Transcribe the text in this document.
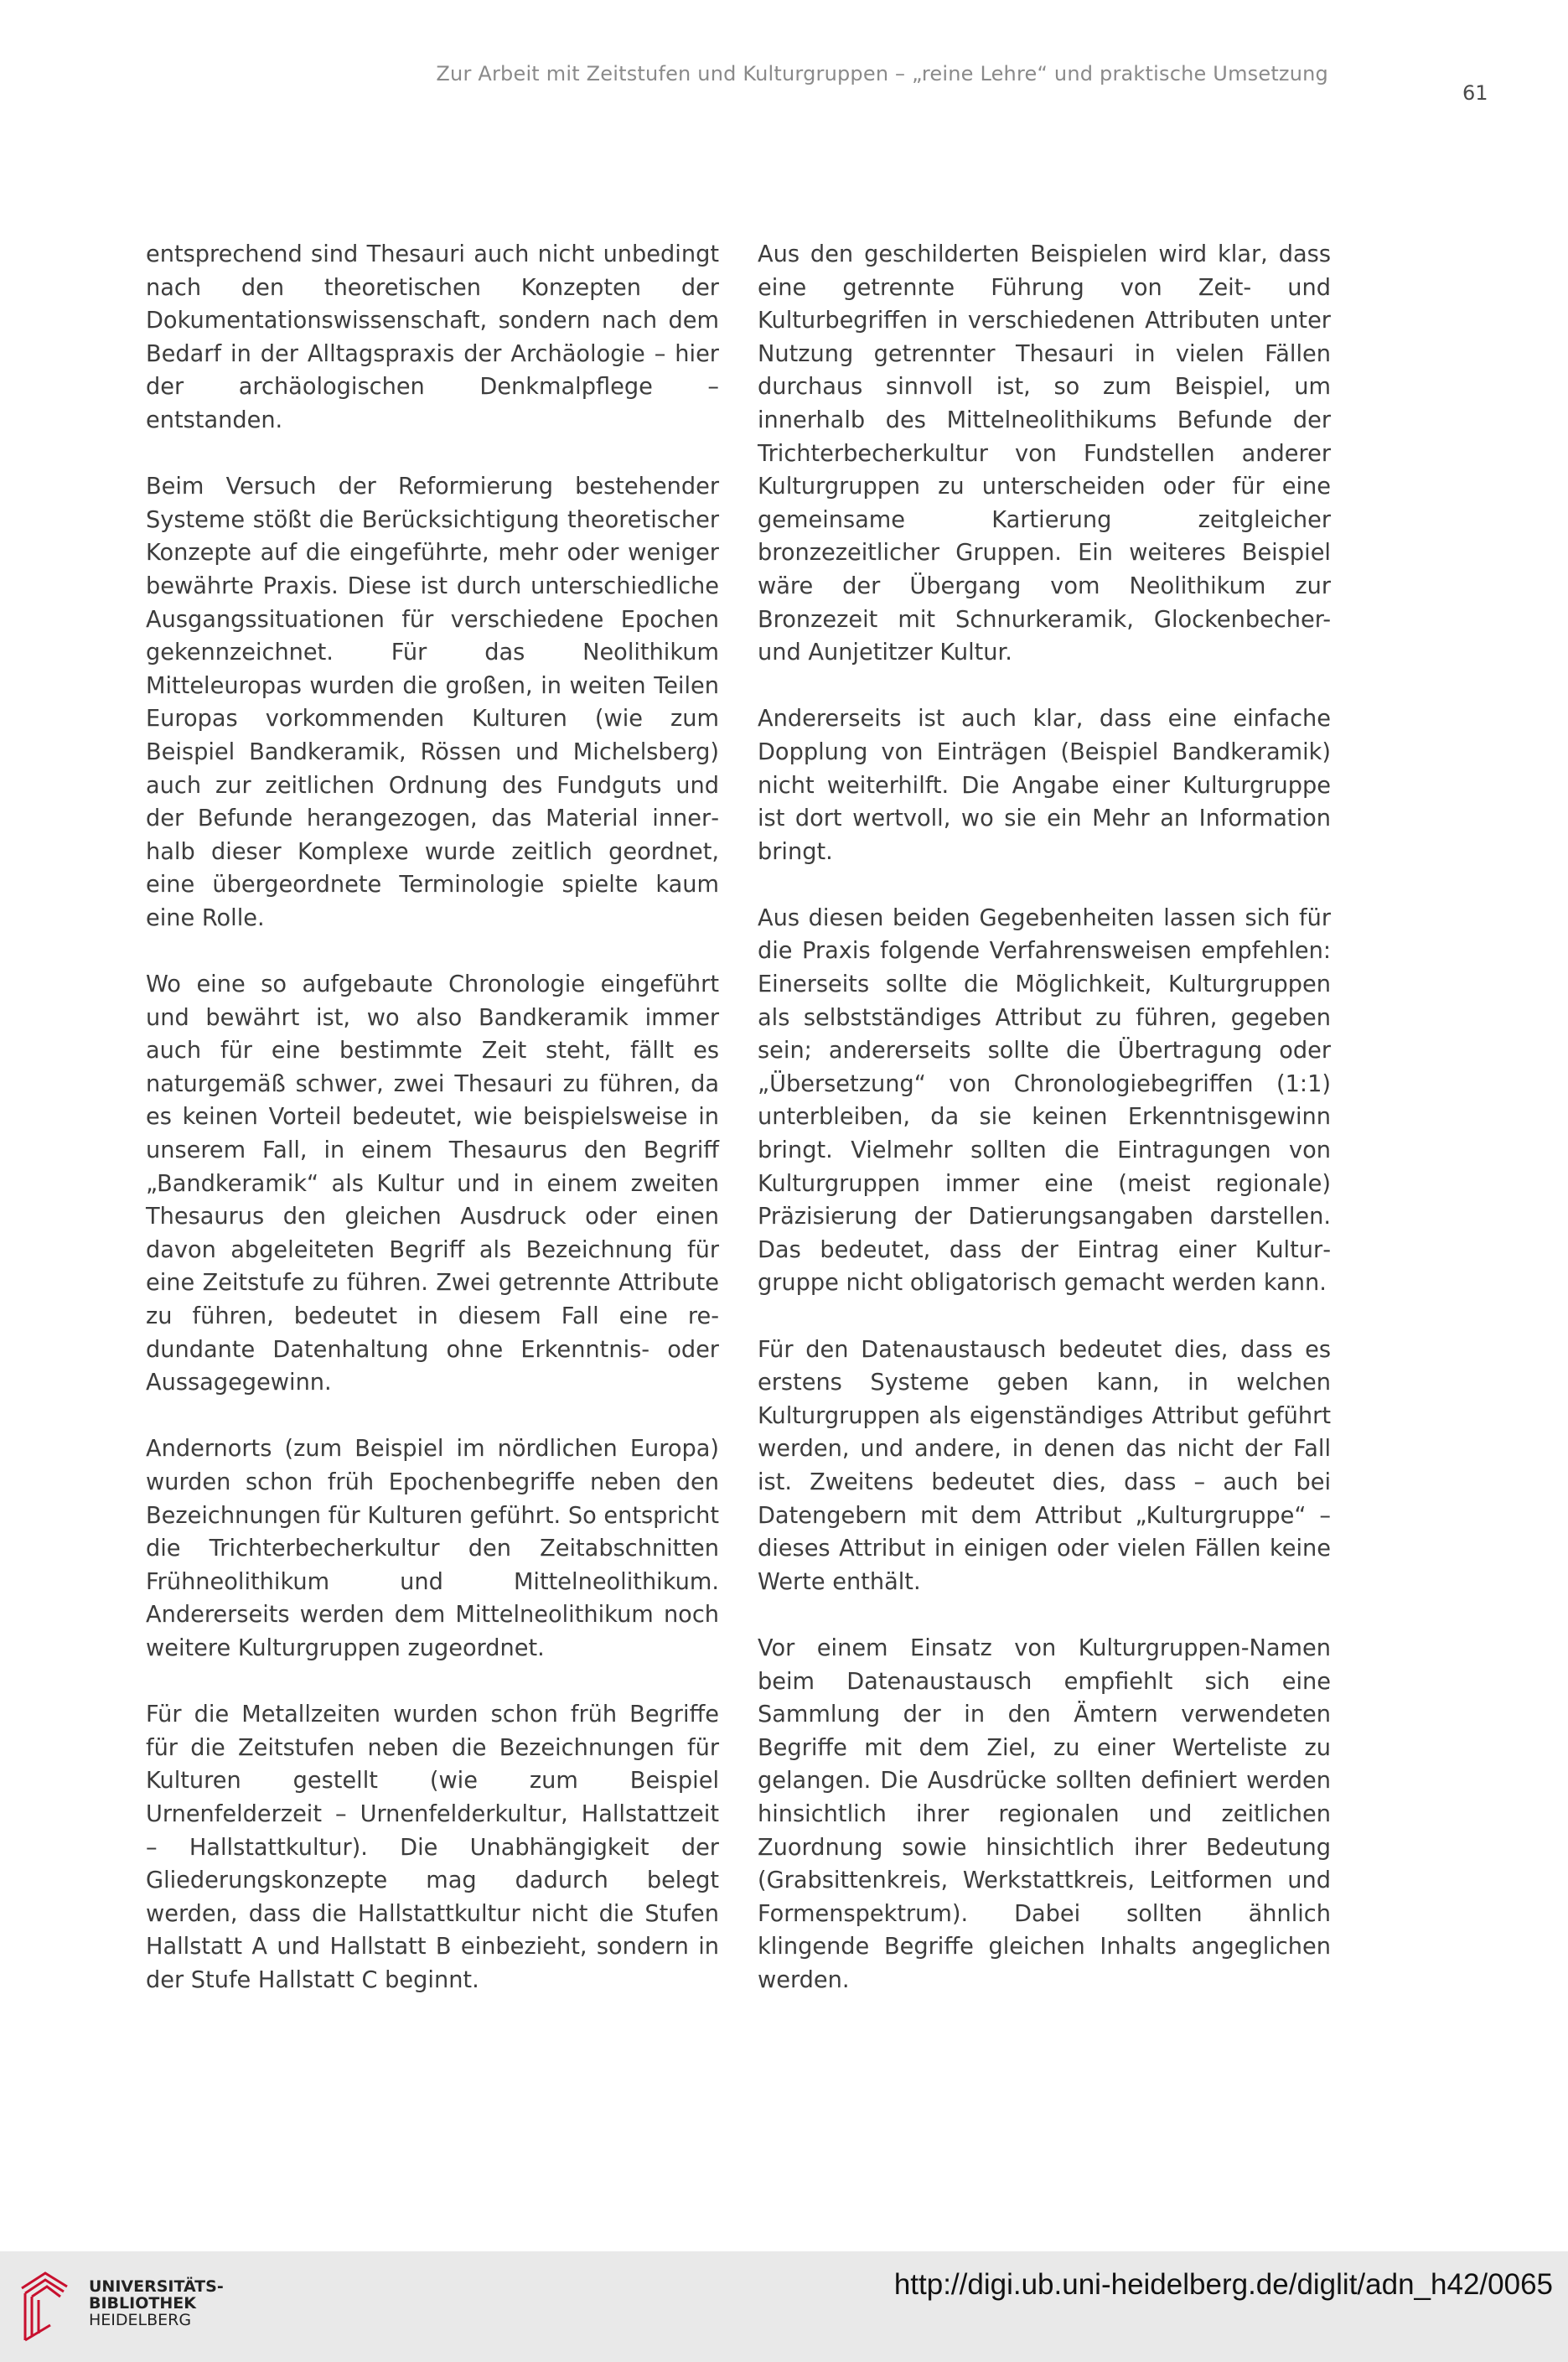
Zur Arbeit mit Zeitstufen und Kulturgruppen – „reine Lehre“ und praktische Umsetzung
61

entsprechend sind Thesauri auch nicht unbedingt nach den theoretischen Konzepten der Dokumentationswissenschaft, sondern nach dem Bedarf in der Alltagspraxis der Archäologie – hier der archäologischen Denkmalpflege – entstanden.

Beim Versuch der Reformierung bestehender Systeme stößt die Berücksichtigung theoretischer Konzepte auf die eingeführte, mehr oder weniger bewährte Praxis. Diese ist durch unterschiedliche Ausgangssituationen für verschiedene Epochen gekennzeichnet. Für das Neolithikum Mitteleuropas wurden die großen, in weiten Teilen Europas vorkommenden Kulturen (wie zum Beispiel Bandkeramik, Rössen und Michelsberg) auch zur zeitlichen Ordnung des Fundguts und der Befunde herangezogen, das Material innerhalb dieser Komplexe wurde zeitlich geordnet, eine übergeordnete Terminologie spielte kaum eine Rolle.

Wo eine so aufgebaute Chronologie eingeführt und bewährt ist, wo also Bandkeramik immer auch für eine bestimmte Zeit steht, fällt es naturgemäß schwer, zwei Thesauri zu führen, da es keinen Vorteil bedeutet, wie beispielsweise in unserem Fall, in einem Thesaurus den Begriff „Bandkeramik“ als Kultur und in einem zweiten Thesaurus den gleichen Ausdruck oder einen davon abgeleiteten Begriff als Bezeichnung für eine Zeitstufe zu führen. Zwei getrennte Attribute zu führen, bedeutet in diesem Fall eine redundante Datenhaltung ohne Erkenntnis- oder Aussagegewinn.

Andernorts (zum Beispiel im nördlichen Europa) wurden schon früh Epochenbegriffe neben den Bezeichnungen für Kulturen geführt. So entspricht die Trichterbecherkultur den Zeitabschnitten Frühneolithikum und Mittelneolithikum. Andererseits werden dem Mittelneolithikum noch weitere Kulturgruppen zugeordnet.

Für die Metallzeiten wurden schon früh Begriffe für die Zeitstufen neben die Bezeichnungen für Kulturen gestellt (wie zum Beispiel Urnenfelderzeit – Urnenfelderkultur, Hallstattzeit – Hallstattkultur). Die Unabhängigkeit der Gliederungskonzepte mag dadurch belegt werden, dass die Hallstattkultur nicht die Stufen Hallstatt A und Hallstatt B einbezieht, sondern in der Stufe Hallstatt C beginnt.

Aus den geschilderten Beispielen wird klar, dass eine getrennte Führung von Zeit- und Kulturbegriffen in verschiedenen Attributen unter Nutzung getrennter Thesauri in vielen Fällen durchaus sinnvoll ist, so zum Beispiel, um innerhalb des Mittelneolithikums Befunde der Trichterbecherkultur von Fundstellen anderer Kulturgruppen zu unterscheiden oder für eine gemeinsame Kartierung zeitgleicher bronzezeitlicher Gruppen. Ein weiteres Beispiel wäre der Übergang vom Neolithikum zur Bronzezeit mit Schnurkeramik, Glockenbecher- und Aunjetitzer Kultur.

Andererseits ist auch klar, dass eine einfache Dopplung von Einträgen (Beispiel Bandkeramik) nicht weiterhilft. Die Angabe einer Kulturgruppe ist dort wertvoll, wo sie ein Mehr an Information bringt.

Aus diesen beiden Gegebenheiten lassen sich für die Praxis folgende Verfahrensweisen empfehlen: Einerseits sollte die Möglichkeit, Kulturgruppen als selbstständiges Attribut zu führen, gegeben sein; andererseits sollte die Übertragung oder „Übersetzung“ von Chronologiebegriffen (1:1) unterbleiben, da sie keinen Erkenntnisgewinn bringt. Vielmehr sollten die Eintragungen von Kulturgruppen immer eine (meist regionale) Präzisierung der Datierungsangaben darstellen. Das bedeutet, dass der Eintrag einer Kulturgruppe nicht obligatorisch gemacht werden kann.

Für den Datenaustausch bedeutet dies, dass es erstens Systeme geben kann, in welchen Kulturgruppen als eigenständiges Attribut geführt werden, und andere, in denen das nicht der Fall ist. Zweitens bedeutet dies, dass – auch bei Datengebern mit dem Attribut „Kulturgruppe“ – dieses Attribut in einigen oder vielen Fällen keine Werte enthält.

Vor einem Einsatz von Kulturgruppen-Namen beim Datenaustausch empfiehlt sich eine Sammlung der in den Ämtern verwendeten Begriffe mit dem Ziel, zu einer Werteliste zu gelangen. Die Ausdrücke sollten definiert werden hinsichtlich ihrer regionalen und zeitlichen Zuordnung sowie hinsichtlich ihrer Bedeutung (Grabsittenkreis, Werkstattkreis, Leitformen und Formenspektrum). Dabei sollten ähnlich klingende Begriffe gleichen Inhalts angeglichen werden.

UNIVERSITÄTS-
BIBLIOTHEK
HEIDELBERG
http://digi.ub.uni-heidelberg.de/diglit/adn_h42/0065
